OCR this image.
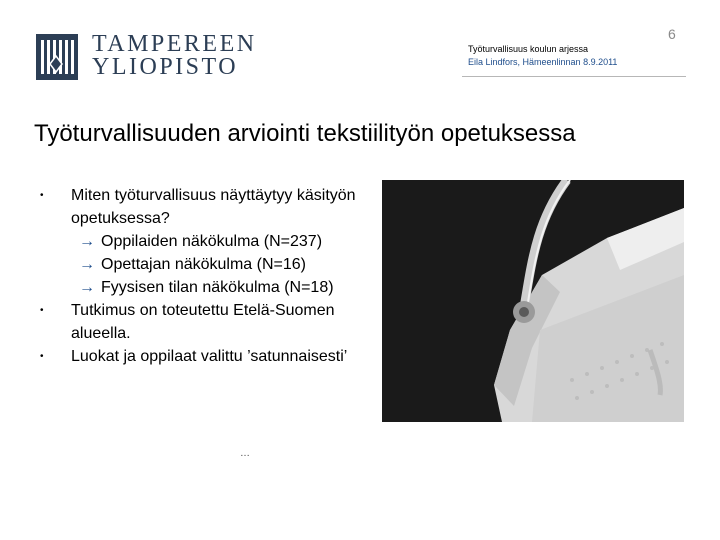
TAMPEREEN
YLIOPISTO
6
Työturvallisuus koulun arjessa
Eila Lindfors, Hämeenlinnan 8.9.2011
Työturvallisuuden arviointi tekstiilityön opetuksessa
• Miten työturvallisuus näyttäytyy käsityön opetuksessa?
→ Oppilaiden näkökulma (N=237)
→ Opettajan näkökulma (N=16)
→ Fyysisen tilan näkökulma (N=18)
• Tutkimus on toteutettu Etelä-Suomen alueella.
• Luokat ja oppilaat valittu ’satunnaisesti’
…
